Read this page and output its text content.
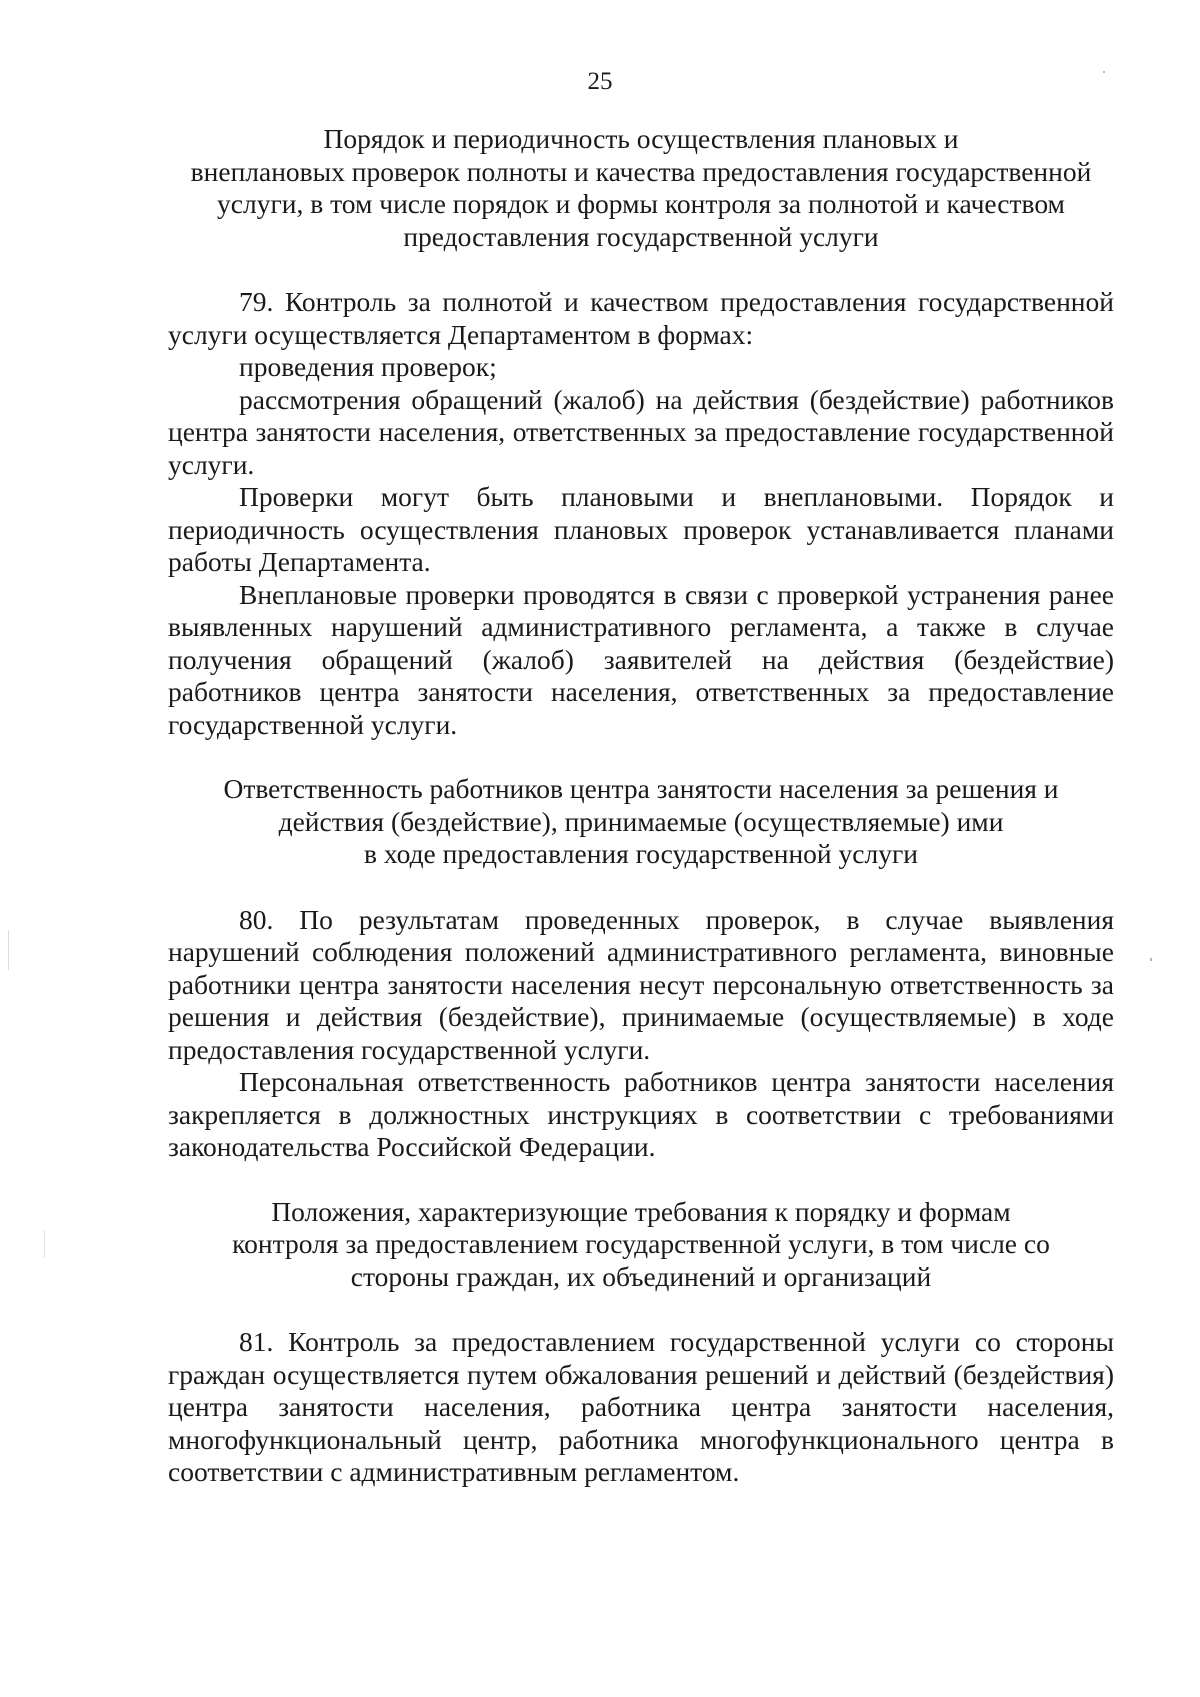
25
Порядок и периодичность осуществления плановых и
внеплановых проверок полноты и качества предоставления государственной
услуги, в том числе порядок и формы контроля за полнотой и качеством
предоставления государственной услуги

79. Контроль за полнотой и качеством предоставления государственной услуги осуществляется Департаментом в формах:

проведения проверок;

рассмотрения обращений (жалоб) на действия (бездействие) работников центра занятости населения, ответственных за предоставление государственной услуги.

Проверки могут быть плановыми и внеплановыми. Порядок и периодичность осуществления плановых проверок устанавливается планами работы Департамента.

Внеплановые проверки проводятся в связи с проверкой устранения ранее выявленных нарушений административного регламента, а также в случае получения обращений (жалоб) заявителей на действия (бездействие) работников центра занятости населения, ответственных за предоставление государственной услуги.

Ответственность работников центра занятости населения за решения и
действия (бездействие), принимаемые (осуществляемые) ими
в ходе предоставления государственной услуги

80. По результатам проведенных проверок, в случае выявления нарушений соблюдения положений административного регламента, виновные работники центра занятости населения несут персональную ответственность за решения и действия (бездействие), принимаемые (осуществляемые) в ходе предоставления государственной услуги.

Персональная ответственность работников центра занятости населения закрепляется в должностных инструкциях в соответствии с требованиями законодательства Российской Федерации.

Положения, характеризующие требования к порядку и формам
контроля за предоставлением государственной услуги, в том числе со
стороны граждан, их объединений и организаций

81. Контроль за предоставлением государственной услуги со стороны граждан осуществляется путем обжалования решений и действий (бездействия) центра занятости населения, работника центра занятости населения, многофункциональный центр, работника многофункционального центра в соответствии с административным регламентом.
